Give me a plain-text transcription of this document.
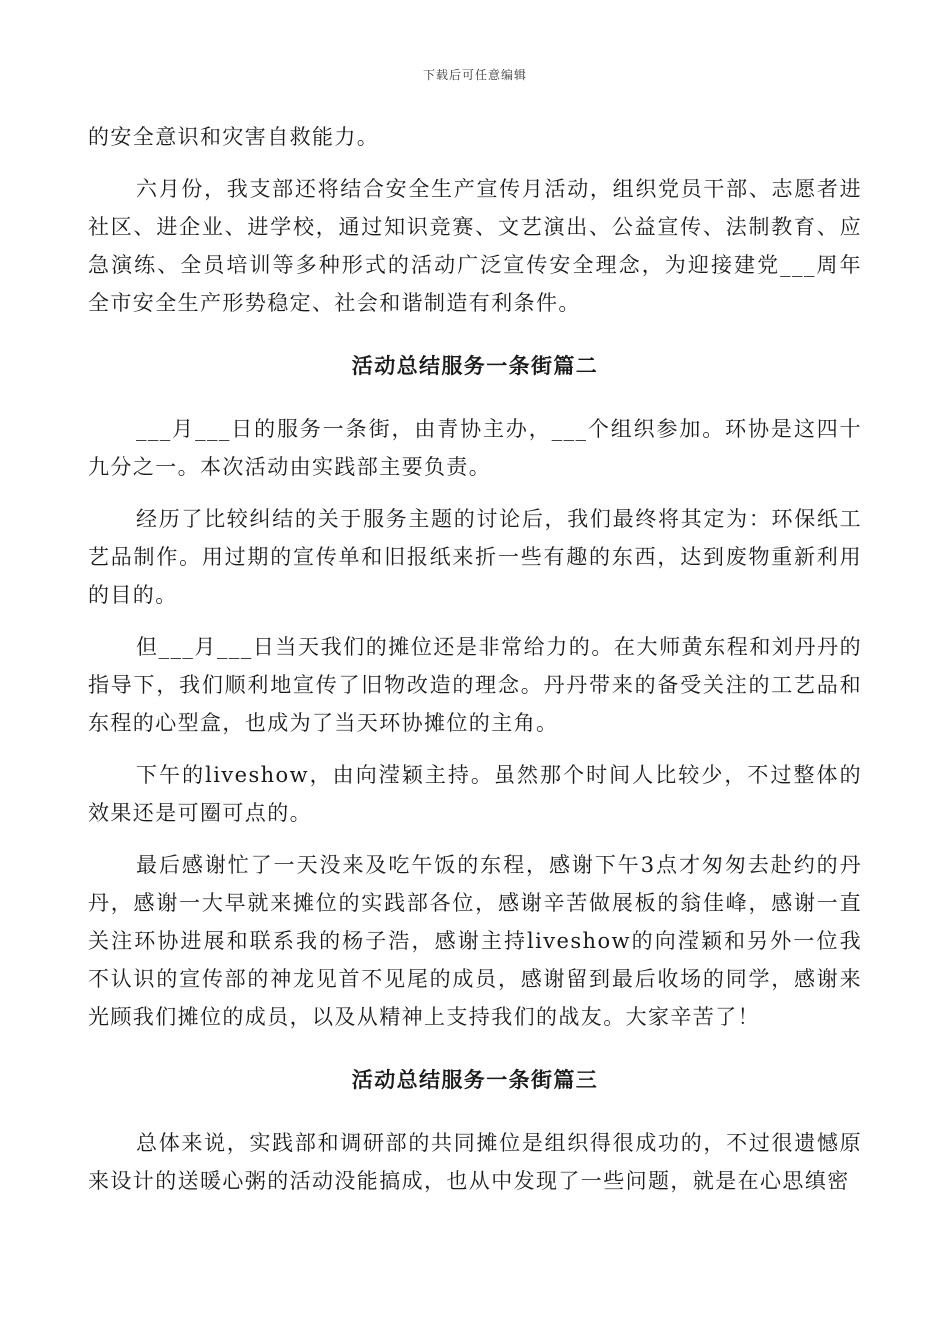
下载后可任意编辑

的安全意识和灾害自救能力。

六月份，我支部还将结合安全生产宣传月活动，组织党员干部、志愿者进社区、进企业、进学校，通过知识竞赛、文艺演出、公益宣传、法制教育、应急演练、全员培训等多种形式的活动广泛宣传安全理念，为迎接建党___周年全市安全生产形势稳定、社会和谐制造有利条件。

活动总结服务一条街篇二

___月___日的服务一条街，由青协主办，___个组织参加。环协是这四十九分之一。本次活动由实践部主要负责。

经历了比较纠结的关于服务主题的讨论后，我们最终将其定为：环保纸工艺品制作。用过期的宣传单和旧报纸来折一些有趣的东西，达到废物重新利用的目的。

但___月___日当天我们的摊位还是非常给力的。在大师黄东程和刘丹丹的指导下，我们顺利地宣传了旧物改造的理念。丹丹带来的备受关注的工艺品和东程的心型盒，也成为了当天环协摊位的主角。

下午的liveshow，由向滢颖主持。虽然那个时间人比较少，不过整体的效果还是可圈可点的。

最后感谢忙了一天没来及吃午饭的东程，感谢下午3点才匆匆去赴约的丹丹，感谢一大早就来摊位的实践部各位，感谢辛苦做展板的翁佳峰，感谢一直关注环协进展和联系我的杨子浩，感谢主持liveshow的向滢颖和另外一位我不认识的宣传部的神龙见首不见尾的成员，感谢留到最后收场的同学，感谢来光顾我们摊位的成员，以及从精神上支持我们的战友。大家辛苦了！

活动总结服务一条街篇三

总体来说，实践部和调研部的共同摊位是组织得很成功的，不过很遗憾原来设计的送暖心粥的活动没能搞成，也从中发现了一些问题，就是在心思缜密
